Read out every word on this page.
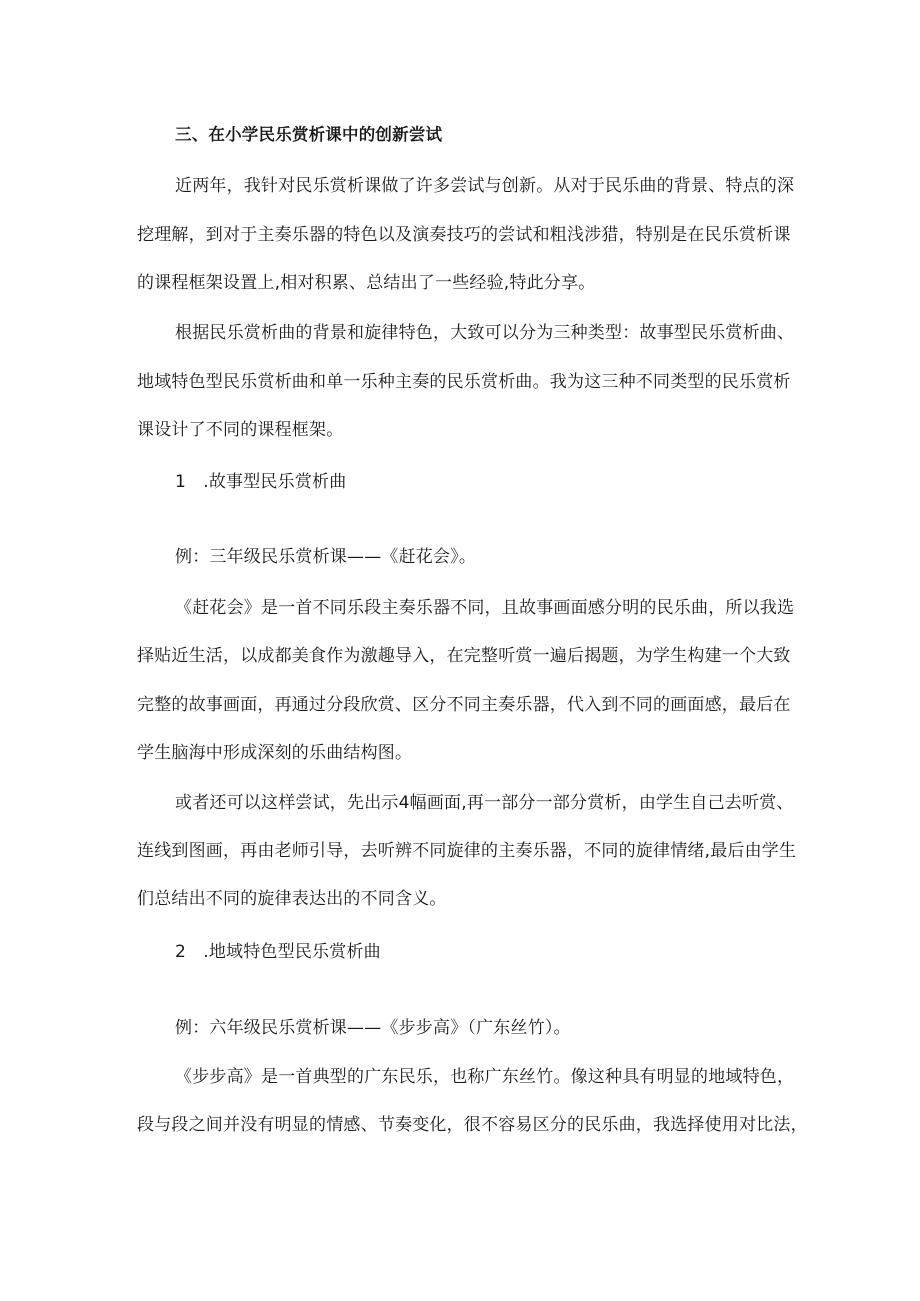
三、在小学民乐赏析课中的创新尝试
近两年，我针对民乐赏析课做了许多尝试与创新。从对于民乐曲的背景、特点的深
挖理解，到对于主奏乐器的特色以及演奏技巧的尝试和粗浅涉猎，特别是在民乐赏析课
的课程框架设置上,相对积累、总结出了一些经验,特此分享。
根据民乐赏析曲的背景和旋律特色，大致可以分为三种类型：故事型民乐赏析曲、
地域特色型民乐赏析曲和单一乐种主奏的民乐赏析曲。我为这三种不同类型的民乐赏析
课设计了不同的课程框架。
1　.故事型民乐赏析曲
例：三年级民乐赏析课——《赶花会》。
《赶花会》是一首不同乐段主奏乐器不同，且故事画面感分明的民乐曲，所以我选
择贴近生活，以成都美食作为激趣导入，在完整听赏一遍后揭题，为学生构建一个大致
完整的故事画面，再通过分段欣赏、区分不同主奏乐器，代入到不同的画面感，最后在
学生脑海中形成深刻的乐曲结构图。
或者还可以这样尝试，先出示4幅画面,再一部分一部分赏析，由学生自己去听赏、
连线到图画，再由老师引导，去听辨不同旋律的主奏乐器，不同的旋律情绪,最后由学生
们总结出不同的旋律表达出的不同含义。
2　.地域特色型民乐赏析曲
例：六年级民乐赏析课——《步步高》（广东丝竹）。
《步步高》是一首典型的广东民乐，也称广东丝竹。像这种具有明显的地域特色，
段与段之间并没有明显的情感、节奏变化，很不容易区分的民乐曲，我选择使用对比法，
